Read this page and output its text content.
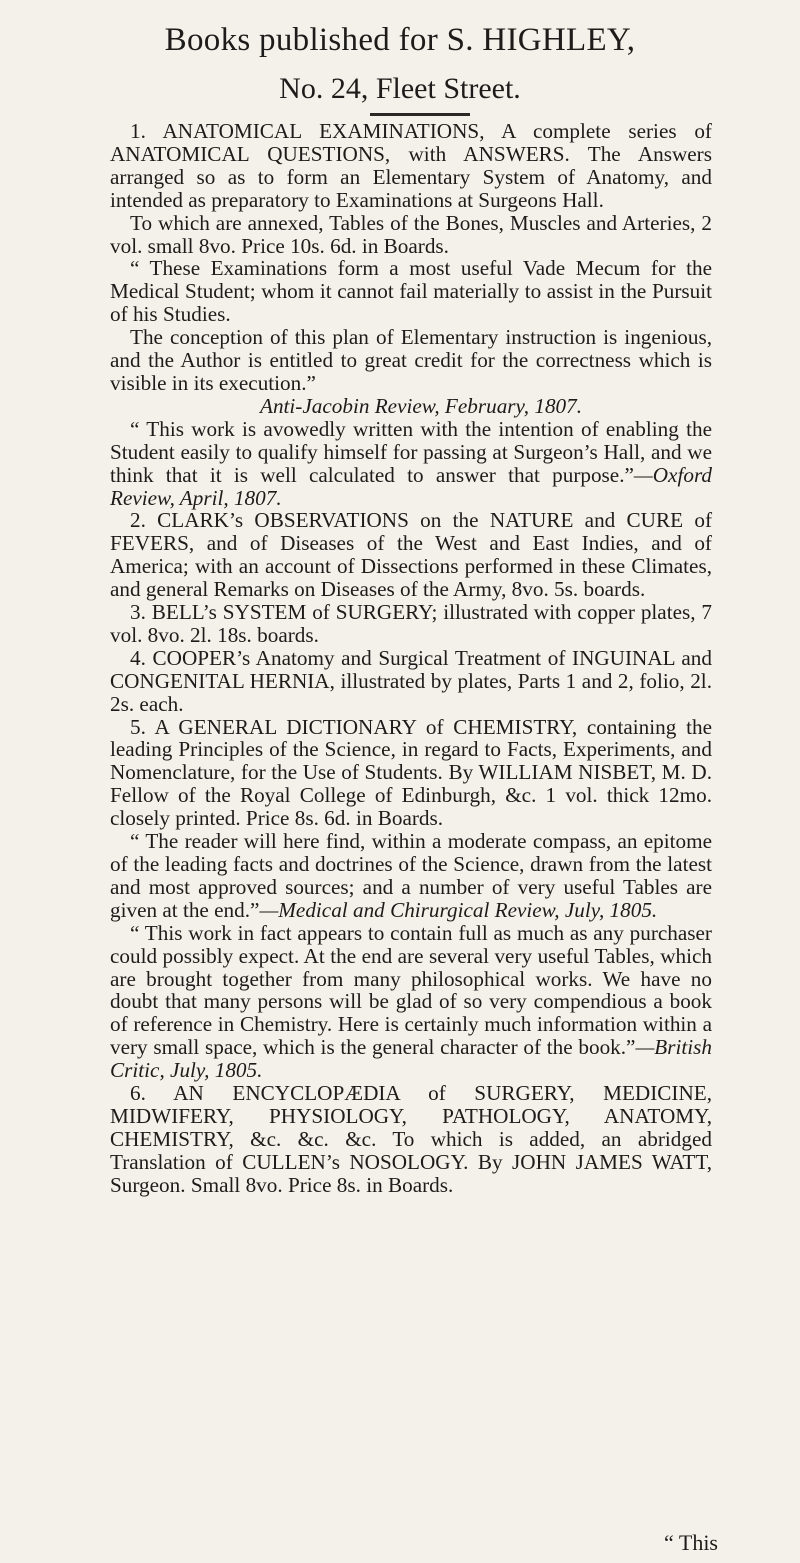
Books published for S. HIGHLEY,
No. 24, Fleet Street.

1. ANATOMICAL EXAMINATIONS, A complete series of ANATOMICAL QUESTIONS, with ANSWERS. The Answers arranged so as to form an Elementary System of Anatomy, and intended as preparatory to Examinations at Surgeons Hall.

To which are annexed, Tables of the Bones, Muscles and Arteries, 2 vol. small 8vo. Price 10s. 6d. in Boards.

“ These Examinations form a most useful Vade Mecum for the Medical Student; whom it cannot fail materially to assist in the Pursuit of his Studies.

The conception of this plan of Elementary instruction is ingenious, and the Author is entitled to great credit for the correctness which is visible in its execution.”

Anti-Jacobin Review, February, 1807.

“ This work is avowedly written with the intention of enabling the Student easily to qualify himself for passing at Surgeon’s Hall, and we think that it is well calculated to answer that purpose.”—Oxford Review, April, 1807.

2. CLARK’s OBSERVATIONS on the NATURE and CURE of FEVERS, and of Diseases of the West and East Indies, and of America; with an account of Dissections performed in these Climates, and general Remarks on Diseases of the Army, 8vo. 5s. boards.

3. BELL’s SYSTEM of SURGERY; illustrated with copper plates, 7 vol. 8vo. 2l. 18s. boards.

4. COOPER’s Anatomy and Surgical Treatment of INGUINAL and CONGENITAL HERNIA, illustrated by plates, Parts 1 and 2, folio, 2l. 2s. each.

5. A GENERAL DICTIONARY of CHEMISTRY, containing the leading Principles of the Science, in regard to Facts, Experiments, and Nomenclature, for the Use of Students. By WILLIAM NISBET, M. D. Fellow of the Royal College of Edinburgh, &c. 1 vol. thick 12mo. closely printed. Price 8s. 6d. in Boards.

“ The reader will here find, within a moderate compass, an epitome of the leading facts and doctrines of the Science, drawn from the latest and most approved sources; and a number of very useful Tables are given at the end.”—Medical and Chirurgical Review, July, 1805.

“ This work in fact appears to contain full as much as any purchaser could possibly expect. At the end are several very useful Tables, which are brought together from many philosophical works. We have no doubt that many persons will be glad of so very compendious a book of reference in Chemistry. Here is certainly much information within a very small space, which is the general character of the book.”—British Critic, July, 1805.

6. AN ENCYCLOPÆDIA of SURGERY, MEDICINE, MIDWIFERY, PHYSIOLOGY, PATHOLOGY, ANATOMY, CHEMISTRY, &c. &c. &c. To which is added, an abridged Translation of CULLEN’s NOSOLOGY. By JOHN JAMES WATT, Surgeon. Small 8vo. Price 8s. in Boards.

“ This
